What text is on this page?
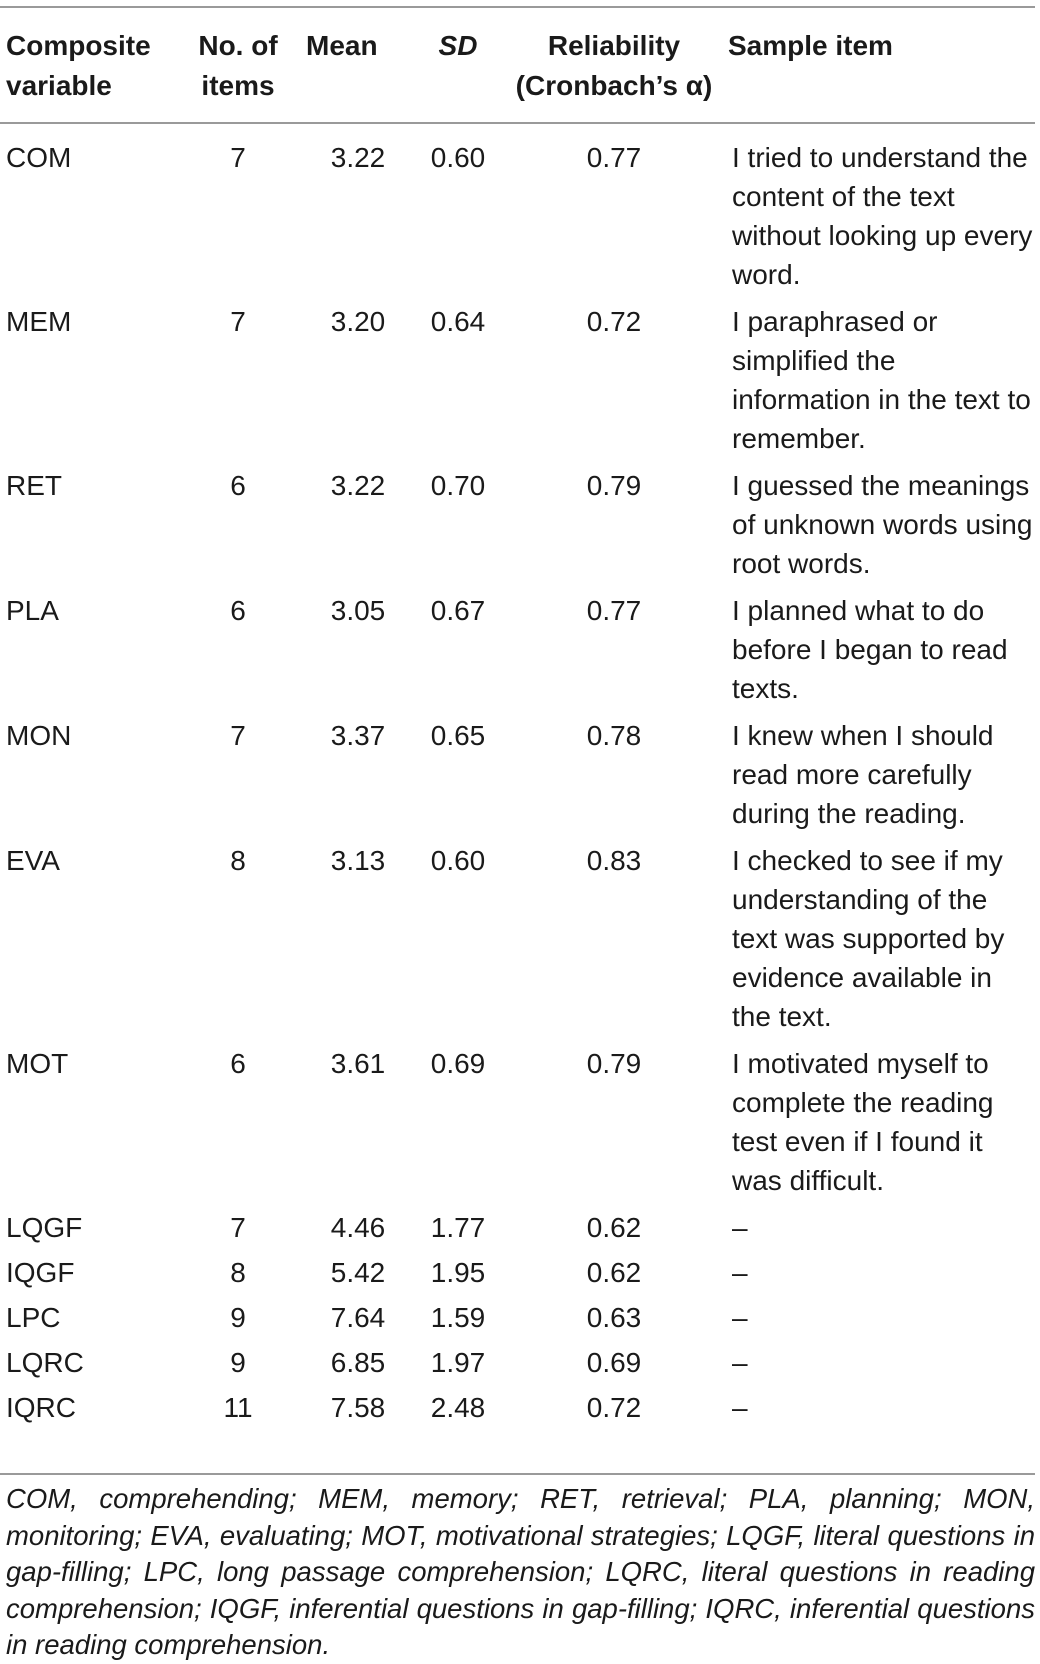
Composite variable	No. of items	Mean	SD	Reliability (Cronbach’s α)	Sample item
COM	7	3.22	0.60	0.77	I tried to understand the content of the text without looking up every word.
MEM	7	3.20	0.64	0.72	I paraphrased or simplified the information in the text to remember.
RET	6	3.22	0.70	0.79	I guessed the meanings of unknown words using root words.
PLA	6	3.05	0.67	0.77	I planned what to do before I began to read texts.
MON	7	3.37	0.65	0.78	I knew when I should read more carefully during the reading.
EVA	8	3.13	0.60	0.83	I checked to see if my understanding of the text was supported by evidence available in the text.
MOT	6	3.61	0.69	0.79	I motivated myself to complete the reading test even if I found it was difficult.
LQGF	7	4.46	1.77	0.62	–
IQGF	8	5.42	1.95	0.62	–
LPC	9	7.64	1.59	0.63	–
LQRC	9	6.85	1.97	0.69	–
IQRC	11	7.58	2.48	0.72	–
COM, comprehending; MEM, memory; RET, retrieval; PLA, planning; MON, monitoring; EVA, evaluating; MOT, motivational strategies; LQGF, literal questions in gap-filling; LPC, long passage comprehension; LQRC, literal questions in reading comprehension; IQGF, inferential questions in gap-filling; IQRC, inferential questions in reading comprehension.
